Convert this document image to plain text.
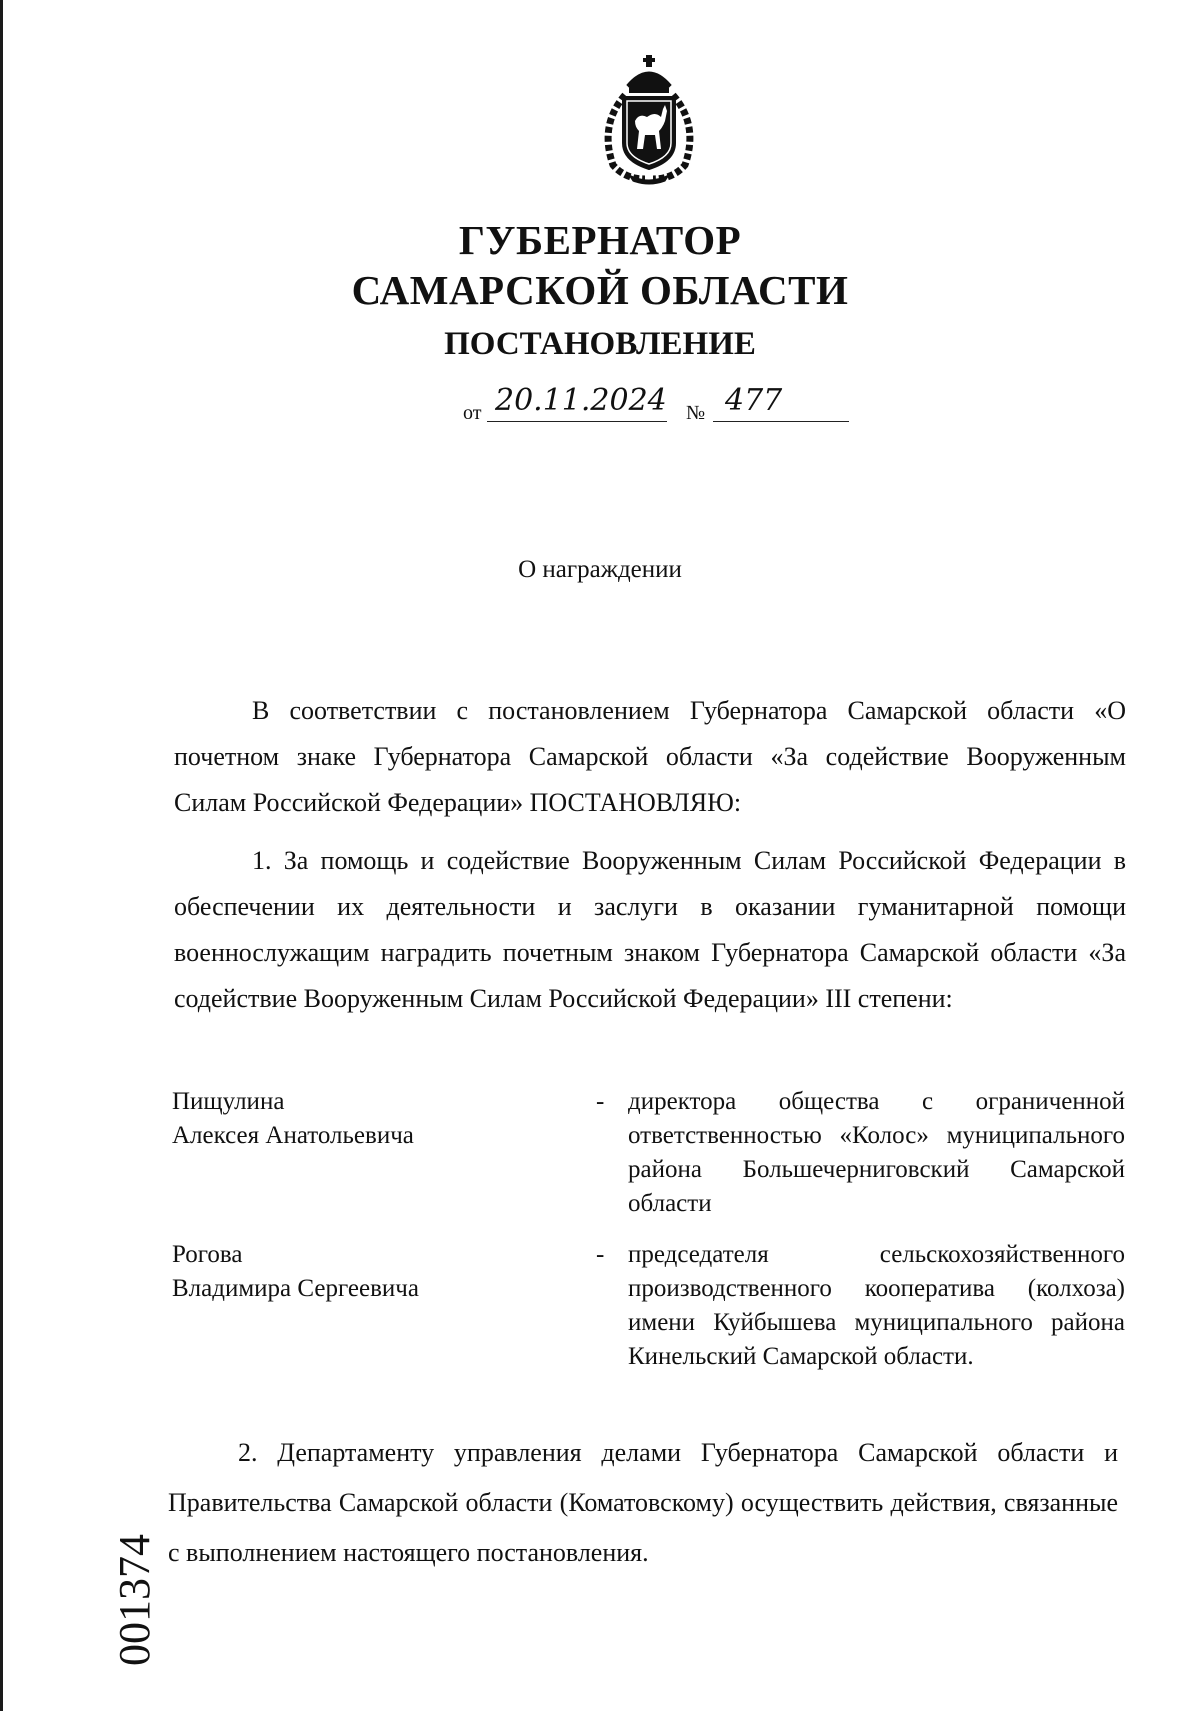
ГУБЕРНАТОР
САМАРСКОЙ ОБЛАСТИ
ПОСТАНОВЛЕНИЕ
от 20.11.2024 № 477
О награждении

В соответствии с постановлением Губернатора Самарской области «О почетном знаке Губернатора Самарской области «За содействие Вооруженным Силам Российской Федерации» ПОСТАНОВЛЯЮ:

1. За помощь и содействие Вооруженным Силам Российской Федерации в обеспечении их деятельности и заслуги в оказании гуманитарной помощи военнослужащим наградить почетным знаком Губернатора Самарской области «За содействие Вооруженным Силам Российской Федерации» III степени:

Пищулина
Алексея Анатольевича
- директора общества с ограниченной ответственностью «Колос» муниципального района Большечерниговский Самарской области
Рогова
Владимира Сергеевича
- председателя сельскохозяйственного производственного кооператива (колхоза) имени Куйбышева муниципального района Кинельский Самарской области.

2. Департаменту управления делами Губернатора Самарской области и Правительства Самарской области (Коматовскому) осуществить действия, связанные с выполнением настоящего постановления.

001374
